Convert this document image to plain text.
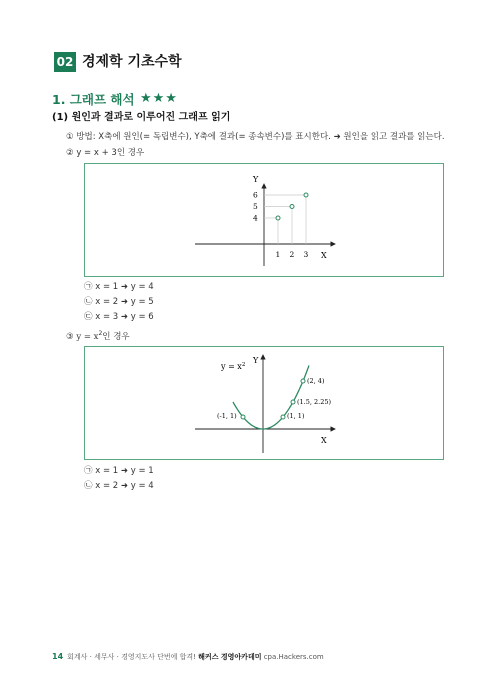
02 경제학 기초수학
1. 그래프 해석 ★★★
(1) 원인과 결과로 이루어진 그래프 읽기
① 방법: X축에 원인(= 독립변수), Y축에 결과(= 종속변수)를 표시한다. ➜ 원인을 읽고 결과를 읽는다.
② y = x + 3인 경우
Y
X
1 2 3
4
5
6
㉠ x = 1 ➜ y = 4
㉡ x = 2 ➜ y = 5
㉢ x = 3 ➜ y = 6
③ $y = x^2$인 경우
Y
X
$y = x^2$
(2, 4)
(1.5, 2.25)
(1, 1)
(-1, 1)
㉠ x = 1 ➜ y = 1
㉡ x = 2 ➜ y = 4
14 회계사 · 세무사 · 경영지도사 단번에 합격! 해커스 경영아카데미 cpa.Hackers.com
